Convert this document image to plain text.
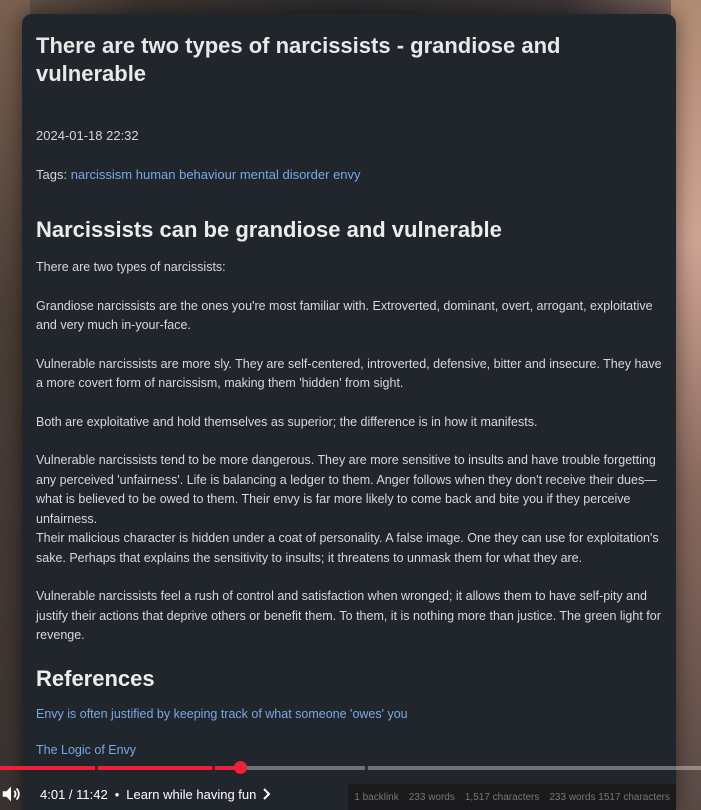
There are two types of narcissists - grandiose and vulnerable
2024-01-18 22:32
Tags: narcissism human behaviour mental disorder envy
Narcissists can be grandiose and vulnerable

There are two types of narcissists:

Grandiose narcissists are the ones you're most familiar with. Extroverted, dominant, overt, arrogant, exploitative and very much in-your-face.

Vulnerable narcissists are more sly. They are self-centered, introverted, defensive, bitter and insecure. They have a more covert form of narcissism, making them 'hidden' from sight.

Both are exploitative and hold themselves as superior; the difference is in how it manifests.

Vulnerable narcissists tend to be more dangerous. They are more sensitive to insults and have trouble forgetting any perceived 'unfairness'. Life is balancing a ledger to them. Anger follows when they don't receive their dues—what is believed to be owed to them. Their envy is far more likely to come back and bite you if they perceive unfairness.

Their malicious character is hidden under a coat of personality. A false image. One they can use for exploitation's sake. Perhaps that explains the sensitivity to insults; it threatens to unmask them for what they are.

Vulnerable narcissists feel a rush of control and satisfaction when wronged; it allows them to have self-pity and justify their actions that deprive others or benefit them. To them, it is nothing more than justice. The green light for revenge.

References
Envy is often justified by keeping track of what someone 'owes' you
The Logic of Envy
1 backlink 233 words 1,517 characters 233 words 1517 characters
4:01 / 11:42 • Learn while having fun
